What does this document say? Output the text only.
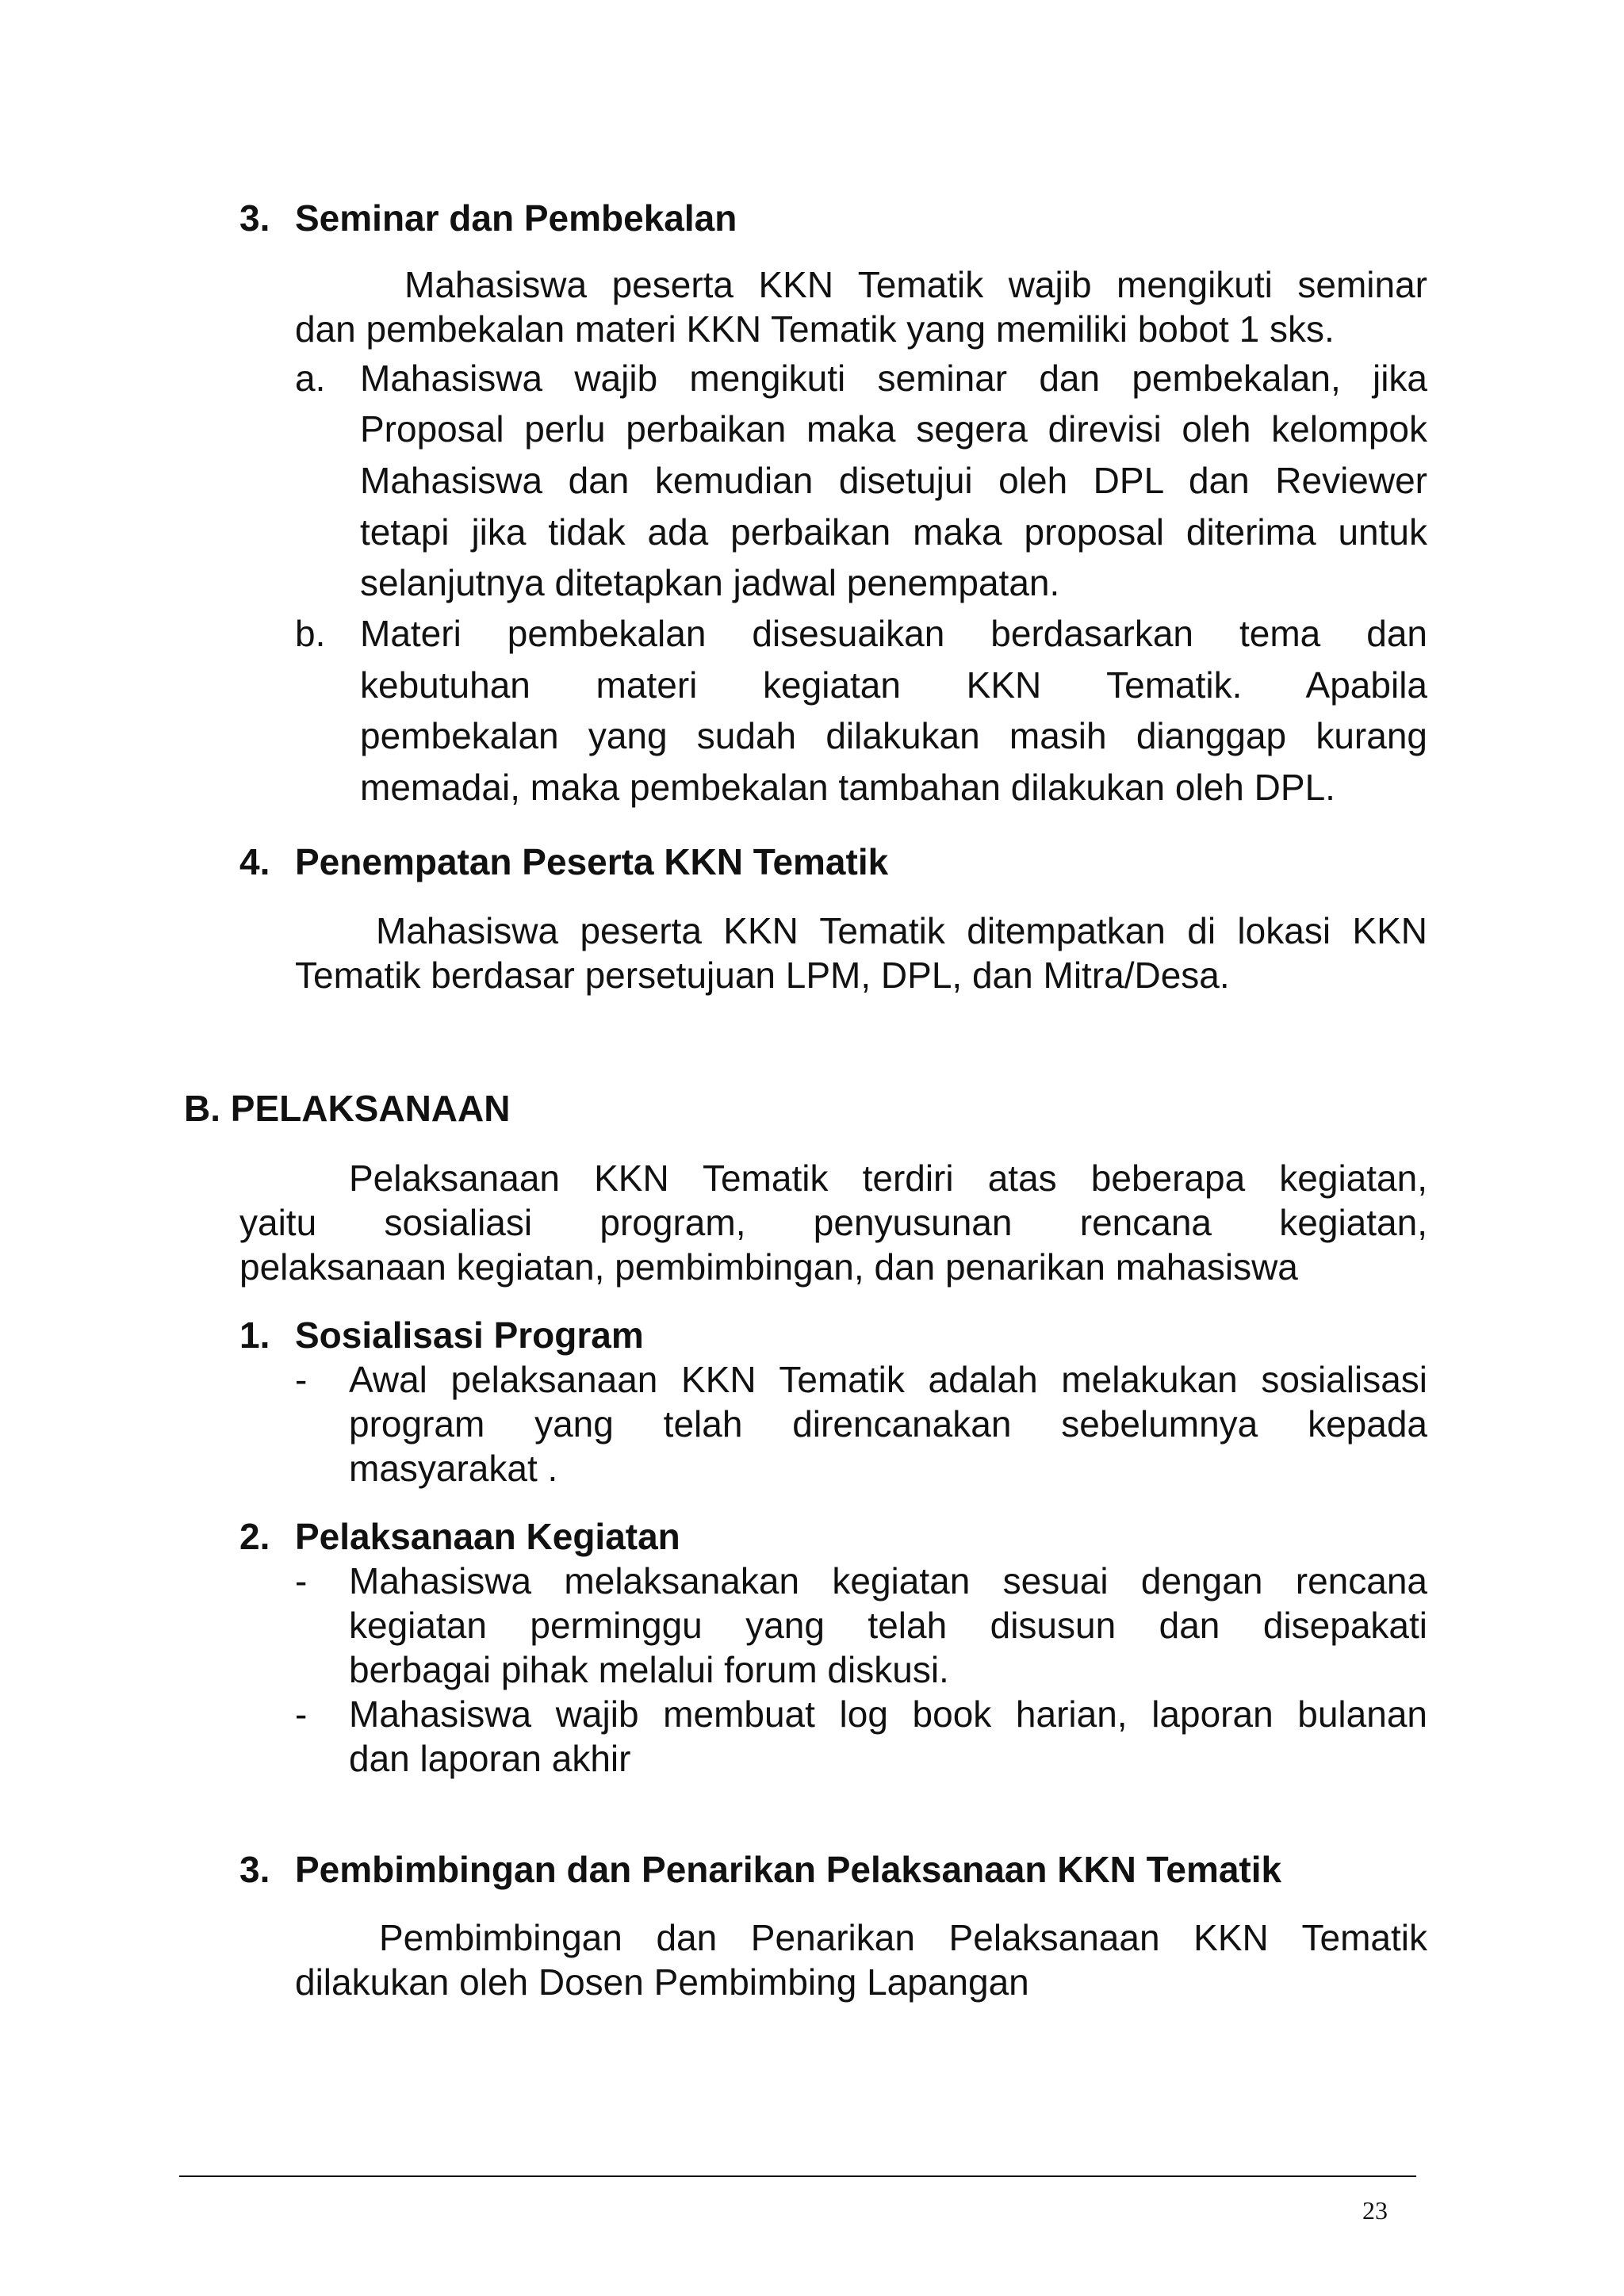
3. Seminar dan Pembekalan
Mahasiswa peserta KKN Tematik wajib mengikuti seminar
dan pembekalan materi KKN Tematik yang memiliki bobot 1 sks.
a. Mahasiswa wajib mengikuti seminar dan pembekalan, jika
Proposal perlu perbaikan maka segera direvisi oleh kelompok
Mahasiswa dan kemudian disetujui oleh DPL dan Reviewer
tetapi jika tidak ada perbaikan maka proposal diterima untuk
selanjutnya ditetapkan jadwal penempatan.
b. Materi pembekalan disesuaikan berdasarkan tema dan
kebutuhan materi kegiatan KKN Tematik. Apabila
pembekalan yang sudah dilakukan masih dianggap kurang
memadai, maka pembekalan tambahan dilakukan oleh DPL.
4. Penempatan Peserta KKN Tematik
Mahasiswa peserta KKN Tematik ditempatkan di lokasi KKN
Tematik berdasar persetujuan LPM, DPL, dan Mitra/Desa.
B. PELAKSANAAN
Pelaksanaan KKN Tematik terdiri atas beberapa kegiatan,
yaitu sosialiasi program, penyusunan rencana kegiatan,
pelaksanaan kegiatan, pembimbingan, dan penarikan mahasiswa
1. Sosialisasi Program
- Awal pelaksanaan KKN Tematik adalah melakukan sosialisasi
program yang telah direncanakan sebelumnya kepada
masyarakat .
2. Pelaksanaan Kegiatan
- Mahasiswa melaksanakan kegiatan sesuai dengan rencana
kegiatan perminggu yang telah disusun dan disepakati
berbagai pihak melalui forum diskusi.
- Mahasiswa wajib membuat log book harian, laporan bulanan
dan laporan akhir
3. Pembimbingan dan Penarikan Pelaksanaan KKN Tematik
Pembimbingan dan Penarikan Pelaksanaan KKN Tematik
dilakukan oleh Dosen Pembimbing Lapangan
23
